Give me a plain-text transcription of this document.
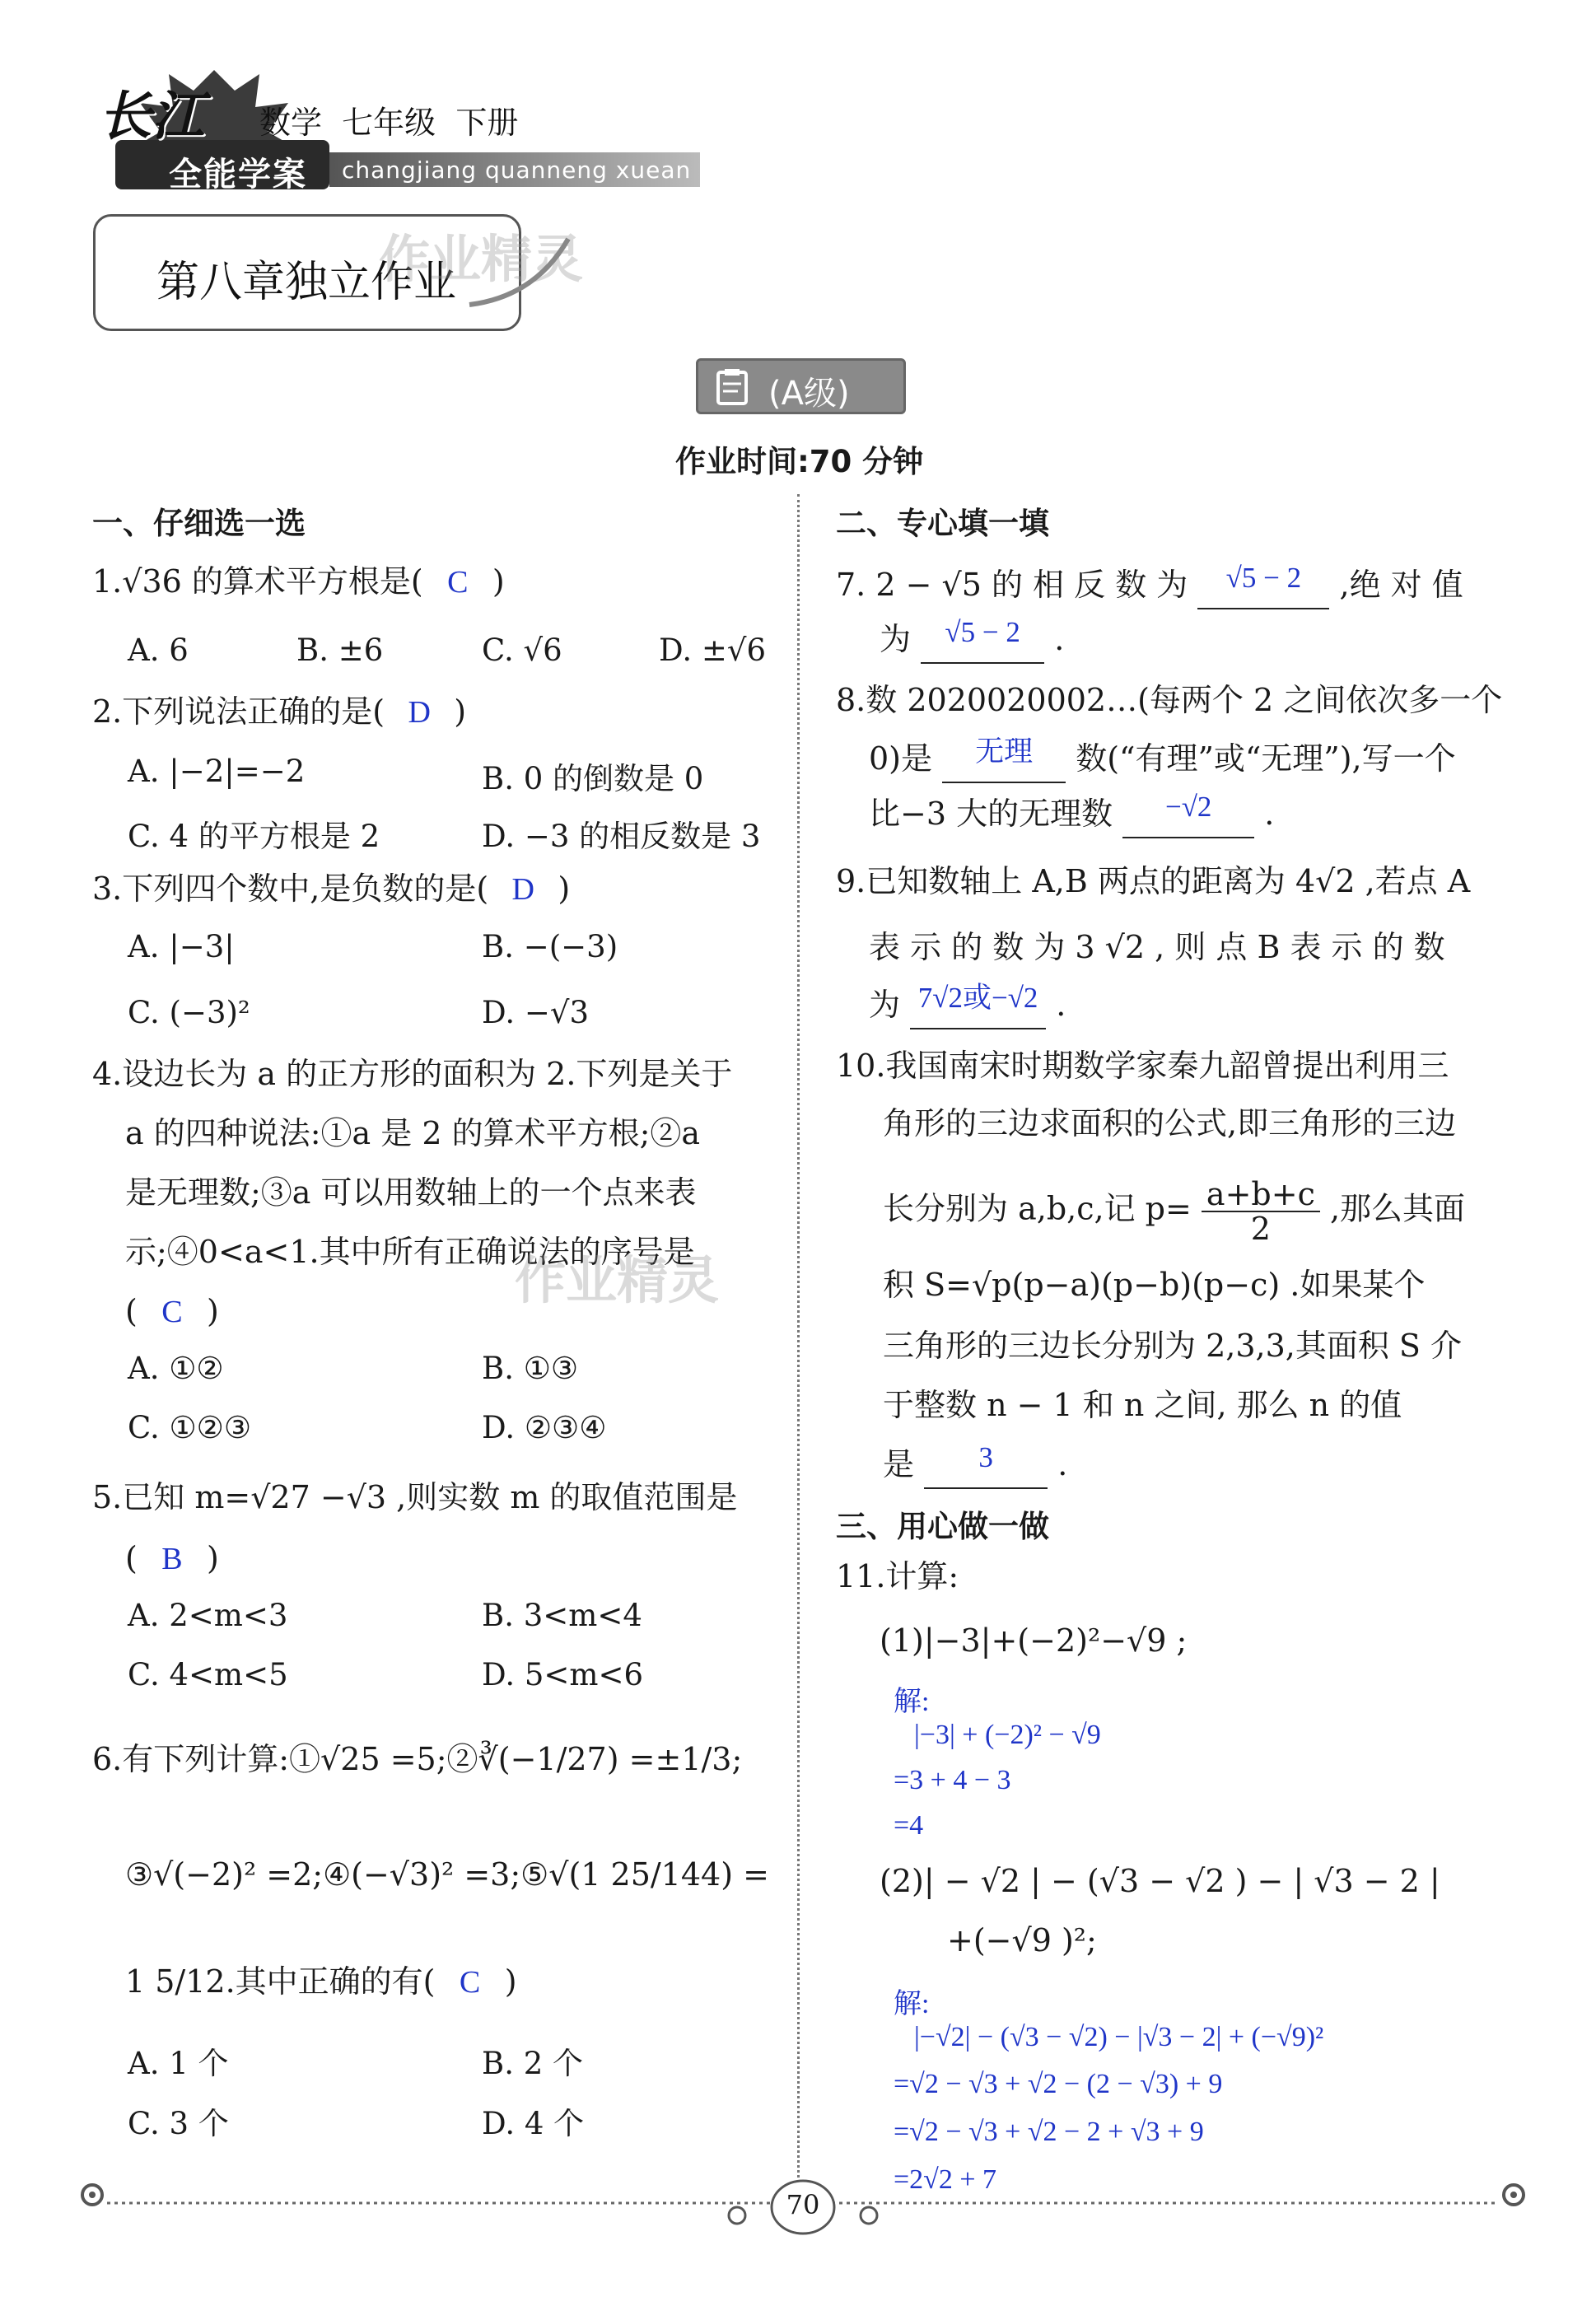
长江
全能学案 changjiang quanneng xuean
数学  七年级  下册
第八章独立作业
作业精灵
(A级)
作业时间:70 分钟
一、仔细选一选
1.√36 的算术平方根是( C )
A. 6	B. ±6	C. √6	D. ±√6
2.下列说法正确的是( D )
A. |−2|=−2	B. 0 的倒数是 0
C. 4 的平方根是 2	D. −3 的相反数是 3
3.下列四个数中,是负数的是( D )
A. |−3|	B. −(−3)
C. (−3)²	D. −√3
4.设边长为 a 的正方形的面积为 2.下列是关于
a 的四种说法:①a 是 2 的算术平方根;②a
是无理数;③a 可以用数轴上的一个点来表
示;④0<a<1.其中所有正确说法的序号是
( C )
作业精灵
A. ①②	B. ①③
C. ①②③	D. ②③④
5.已知 m=√27 −√3 ,则实数 m 的取值范围是
( B )
A. 2<m<3	B. 3<m<4
C. 4<m<5	D. 5<m<6
6.有下列计算:①√25 =5;②∛(−1/27) =±1/3;
③√(−2)² =2;④(−√3)² =3;⑤√(1 25/144) =
1 5/12.其中正确的有( C )
A. 1 个	B. 2 个
C. 3 个	D. 4 个
二、专心填一填
7. 2 − √5 的 相 反 数 为 √5 − 2 ,绝 对 值
为 √5 − 2 .
8.数 2020020002…(每两个 2 之间依次多一个
0)是 无理 数(“有理”或“无理”),写一个
比−3 大的无理数 −√2 .
9.已知数轴上 A,B 两点的距离为 4√2 ,若点 A
表 示 的 数 为 3 √2 , 则 点 B 表 示 的 数
为 7√2或−√2 .
10.我国南宋时期数学家秦九韶曾提出利用三
角形的三边求面积的公式,即三角形的三边
长分别为 a,b,c,记 $p= \frac{a+b+c}{2}$ ,那么其面
积 S=√p(p−a)(p−b)(p−c) .如果某个
三角形的三边长分别为 2,3,3,其面积 S 介
于整数 n − 1 和 n 之间, 那么 n 的值
是 3 .
三、用心做一做
11.计算:
(1)|−3|+(−2)²−√9 ;
解:
|−3| + (−2)² − √9
=3 + 4 − 3
=4
(2)| − √2 | − (√3 − √2 ) − | √3 − 2 |
+(−√9 )²;
解:
|−√2| − (√3 − √2) − |√3 − 2| + (−√9)²
=√2 − √3 + √2 − (2 − √3) + 9
=√2 − √3 + √2 − 2 + √3 + 9
=2√2 + 7
70
